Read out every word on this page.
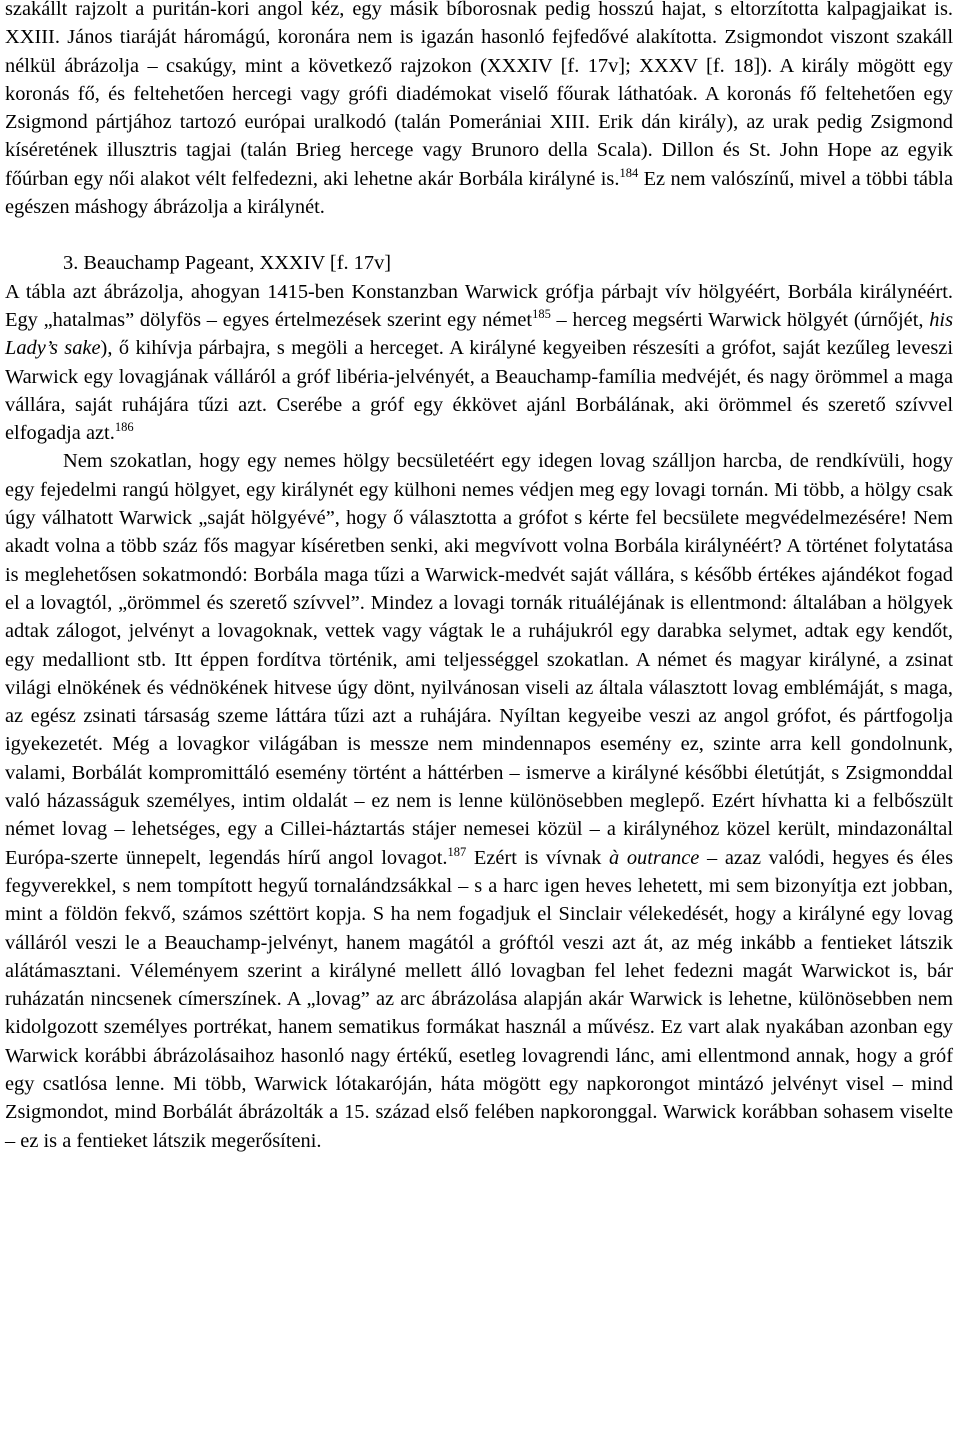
szakállt rajzolt a puritán-kori angol kéz, egy másik bíborosnak pedig hosszú hajat, s eltorzította kalpagjaikat is. XXIII. János tiaráját háromágú, koronára nem is igazán hasonló fejfedővé alakította. Zsigmondot viszont szakáll nélkül ábrázolja – csakúgy, mint a következő rajzokon (XXXIV [f. 17v]; XXXV [f. 18]). A király mögött egy koronás fő, és feltehetően hercegi vagy grófi diadémokat viselő főurak láthatóak. A koronás fő feltehetően egy Zsigmond pártjához tartozó európai uralkodó (talán Pomerániai XIII. Erik dán király), az urak pedig Zsigmond kíséretének illusztris tagjai (talán Brieg hercege vagy Brunoro della Scala). Dillon és St. John Hope az egyik főúrban egy női alakot vélt felfedezni, aki lehetne akár Borbála királyné is.$^{184}$ Ez nem valószínű, mivel a többi tábla egészen máshogy ábrázolja a királynét.

3. Beauchamp Pageant, XXXIV [f. 17v]

A tábla azt ábrázolja, ahogyan 1415-ben Konstanzban Warwick grófja párbajt vív hölgyéért, Borbála királynéért. Egy „hatalmas” dölyfös – egyes értelmezések szerint egy német$^{185}$ – herceg megsérti Warwick hölgyét (úrnőjét, his Lady’s sake), ő kihívja párbajra, s megöli a herceget. A királyné kegyeiben részesíti a grófot, saját kezűleg leveszi Warwick egy lovagjának válláról a gróf libéria-jelvényét, a Beauchamp-família medvéjét, és nagy örömmel a maga vállára, saját ruhájára tűzi azt. Cserébe a gróf egy ékkövet ajánl Borbálának, aki örömmel és szerető szívvel elfogadja azt.$^{186}$

Nem szokatlan, hogy egy nemes hölgy becsületéért egy idegen lovag szálljon harcba, de rendkívüli, hogy egy fejedelmi rangú hölgyet, egy királynét egy külhoni nemes védjen meg egy lovagi tornán. Mi több, a hölgy csak úgy válhatott Warwick „saját hölgyévé”, hogy ő választotta a grófot s kérte fel becsülete megvédelmezésére! Nem akadt volna a több száz fős magyar kíséretben senki, aki megvívott volna Borbála királynéért? A történet folytatása is meglehetősen sokatmondó: Borbála maga tűzi a Warwick-medvét saját vállára, s később értékes ajándékot fogad el a lovagtól, „örömmel és szerető szívvel”. Mindez a lovagi tornák rituáléjának is ellentmond: általában a hölgyek adtak zálogot, jelvényt a lovagoknak, vettek vagy vágtak le a ruhájukról egy darabka selymet, adtak egy kendőt, egy medalliont stb. Itt éppen fordítva történik, ami teljességgel szokatlan. A német és magyar királyné, a zsinat világi elnökének és védnökének hitvese úgy dönt, nyilvánosan viseli az általa választott lovag emblémáját, s maga, az egész zsinati társaság szeme láttára tűzi azt a ruhájára. Nyíltan kegyeibe veszi az angol grófot, és pártfogolja igyekezetét. Még a lovagkor világában is messze nem mindennapos esemény ez, szinte arra kell gondolnunk, valami, Borbálát kompromittáló esemény történt a háttérben – ismerve a királyné későbbi életútját, s Zsigmonddal való házasságuk személyes, intim oldalát – ez nem is lenne különösebben meglepő. Ezért hívhatta ki a felbőszült német lovag – lehetséges, egy a Cillei-háztartás stájer nemesei közül – a királynéhoz közel került, mindazonáltal Európa-szerte ünnepelt, legendás hírű angol lovagot.$^{187}$ Ezért is vívnak à outrance – azaz valódi, hegyes és éles fegyverekkel, s nem tompított hegyű tornalándzsákkal – s a harc igen heves lehetett, mi sem bizonyítja ezt jobban, mint a földön fekvő, számos széttört kopja. S ha nem fogadjuk el Sinclair vélekedését, hogy a királyné egy lovag válláról veszi le a Beauchamp-jelvényt, hanem magától a gróftól veszi azt át, az még inkább a fentieket látszik alátámasztani. Véleményem szerint a királyné mellett álló lovagban fel lehet fedezni magát Warwickot is, bár ruházatán nincsenek címerszínek. A „lovag” az arc ábrázolása alapján akár Warwick is lehetne, különösebben nem kidolgozott személyes portrékat, hanem sematikus formákat használ a művész. Ez vart alak nyakában azonban egy Warwick korábbi ábrázolásaihoz hasonló nagy értékű, esetleg lovagrendi lánc, ami ellentmond annak, hogy a gróf egy csatlósa lenne. Mi több, Warwick lótakaróján, háta mögött egy napkorongot mintázó jelvényt visel – mind Zsigmondot, mind Borbálát ábrázolták a 15. század első felében napkoronggal. Warwick korábban sohasem viselte – ez is a fentieket látszik megerősíteni.
